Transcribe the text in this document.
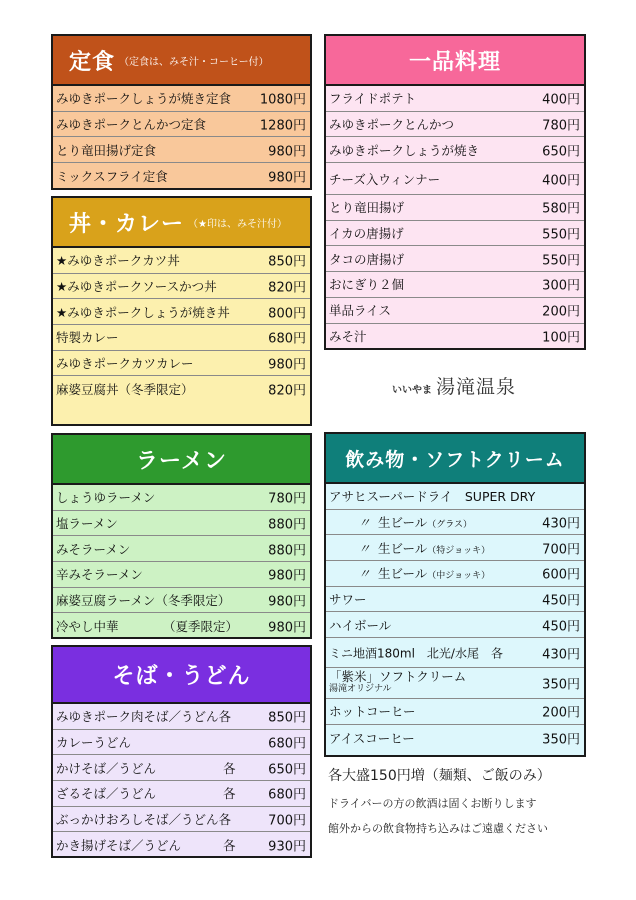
定食 （定食は、みそ汁・コーヒー付）
みゆきポークしょうが焼き定食 1080円
みゆきポークとんかつ定食	1280円
とり竜田揚げ定食	980円
ミックスフライ定食	980円
丼・カレー （★印は、みそ汁付）
★みゆきポークカツ丼	850円
★みゆきポークソースかつ丼	820円
★みゆきポークしょうが焼き丼	800円
特製カレー	680円
みゆきポークカツカレー	980円
麻婆豆腐丼（冬季限定）	820円
ラーメン
しょうゆラーメン	780円
塩ラーメン	880円
みそラーメン	880円
辛みそラーメン	980円
麻婆豆腐ラーメン（冬季限定）	980円
冷やし中華	（夏季限定） 980円
そば・うどん
みゆきポーク肉そば／うどん各	850円
カレーうどん	680円
かけそば／うどん	各	650円
ざるそば／うどん	各	680円
ぶっかけおろしそば／うどん各	700円
かき揚げそば／うどん	各	930円
一品料理
フライドポテト	400円
みゆきポークとんかつ	780円
みゆきポークしょうが焼き	650円
チーズ入ウィンナー	400円
とり竜田揚げ	580円
イカの唐揚げ	550円
タコの唐揚げ	550円
おにぎり２個	300円
単品ライス	200円
みそ汁	100円
いいやま 湯滝温泉
飲み物・ソフトクリーム
アサヒスーパードライ　SUPER DRY
〃 生ビール（グラス）	430円
〃 生ビール（特ジョッキ）	700円
〃 生ビール（中ジョッキ）	600円
サワー	450円
ハイボール	450円
ミニ地酒180ml　北光/水尾　各	430円
「紫米」ソフトクリーム
湯滝オリジナル	350円
ホットコーヒー	200円
アイスコーヒー	350円
各大盛150円増（麺類、ご飯のみ）
ドライバーの方の飲酒は固くお断りします
館外からの飲食物持ち込みはご遠慮ください
